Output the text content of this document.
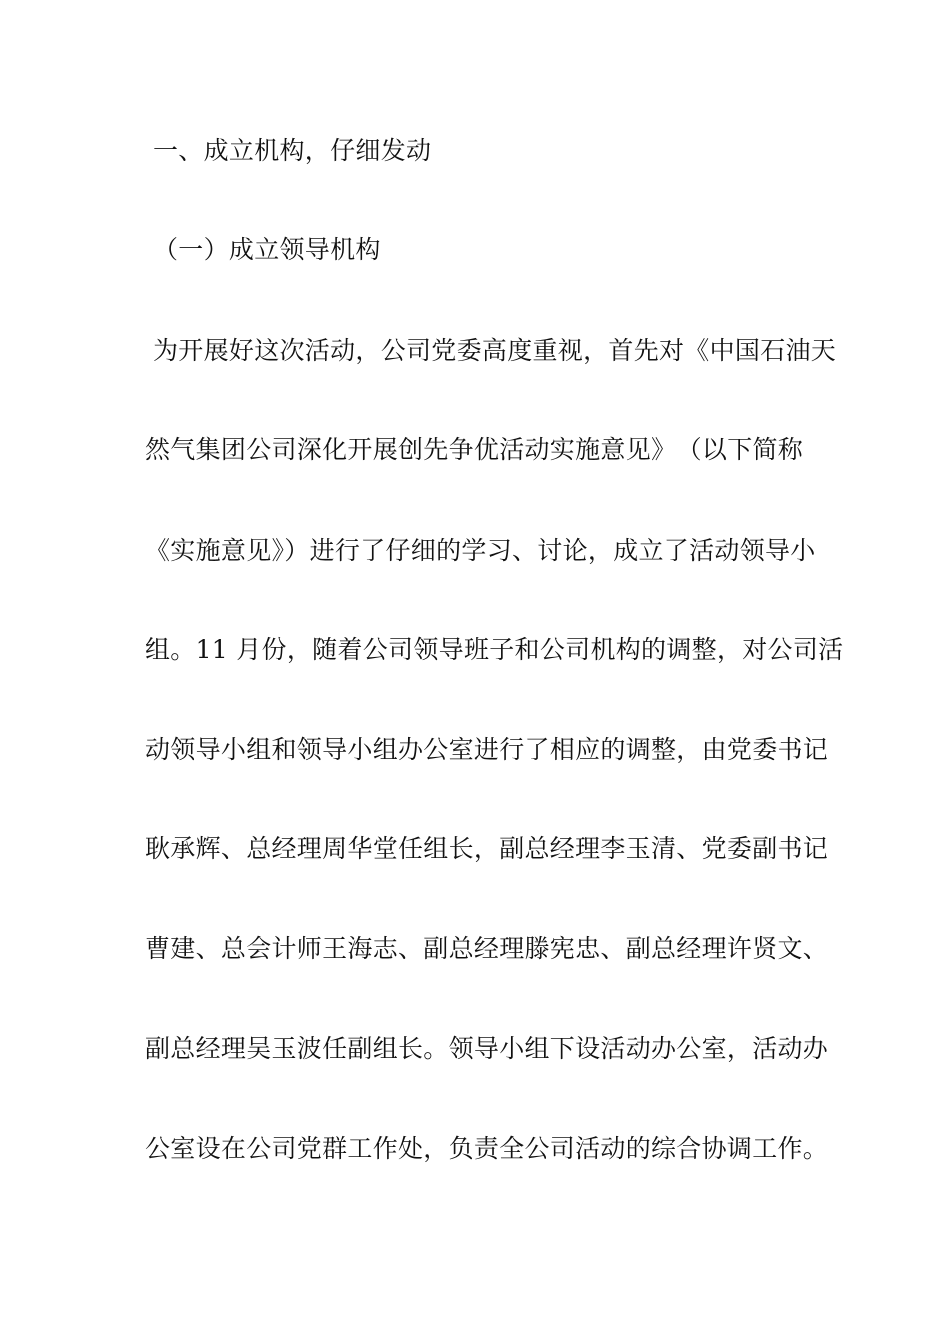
一、成立机构，仔细发动
（一）成立领导机构
为开展好这次活动，公司党委高度重视，首先对《中国石油天
然气集团公司深化开展创先争优活动实施意见》　（以下简称
《实施意见》）进行了仔细的学习、讨论，成立了活动领导小
组。11 月份，随着公司领导班子和公司机构的调整，对公司活
动领导小组和领导小组办公室进行了相应的调整，由党委书记
耿承辉、总经理周华堂任组长，副总经理李玉清、党委副书记
曹建、总会计师王海志、副总经理滕宪忠、副总经理许贤文、
副总经理吴玉波任副组长。领导小组下设活动办公室，活动办
公室设在公司党群工作处，负责全公司活动的综合协调工作。
